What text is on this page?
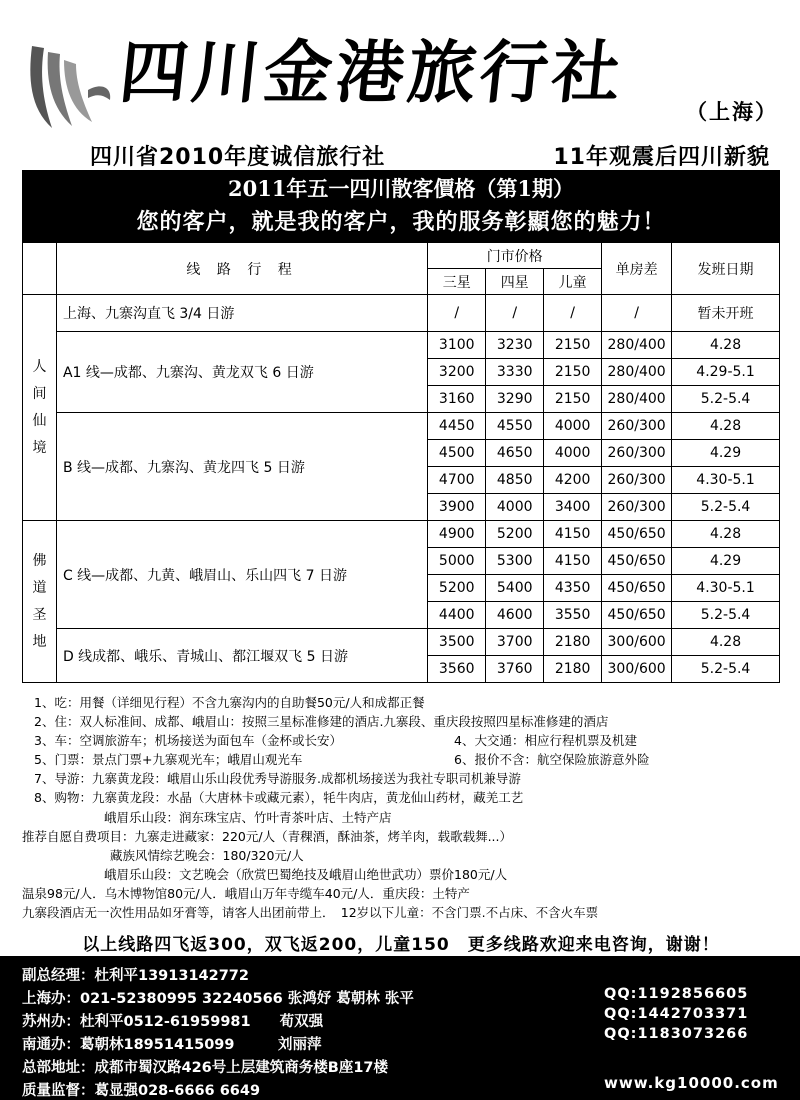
四川金港旅行社	（上海）
四川省2010年度诚信旅行社	11年观震后四川新貌
2011年五一四川散客價格（第1期）
您的客户，就是我的客户，我的服务彰顯您的魅力！
	线 路 行 程	门市价格			单房差	发班日期
		三星	四星	儿童		
人间仙境	上海、九寨沟直飞 3/4 日游	/	/	/	/	暂未开班
	A1 线—成都、九寨沟、黄龙双飞 6 日游	3100	3230	2150	280/400	4.28
		3200	3330	2150	280/400	4.29-5.1
		3160	3290	2150	280/400	5.2-5.4
	B 线—成都、九寨沟、黄龙四飞 5 日游	4450	4550	4000	260/300	4.28
		4500	4650	4000	260/300	4.29
		4700	4850	4200	260/300	4.30-5.1
		3900	4000	3400	260/300	5.2-5.4
佛道圣地	C 线—成都、九黄、峨眉山、乐山四飞 7 日游	4900	5200	4150	450/650	4.28
		5000	5300	4150	450/650	4.29
		5200	5400	4350	450/650	4.30-5.1
		4400	4600	3550	450/650	5.2-5.4
	D 线成都、峨乐、青城山、都江堰双飞 5 日游	3500	3700	2180	300/600	4.28
		3560	3760	2180	300/600	5.2-5.4
1、吃：用餐（详细见行程）不含九寨沟内的自助餐50元/人和成都正餐
2、住：双人标准间、成都、峨眉山：按照三星标准修建的酒店.九寨段、重庆段按照四星标准修建的酒店
3、车：空调旅游车；机场接送为面包车（金杯或长安）	4、大交通：相应行程机票及机建
5、门票：景点门票+九寨观光车；峨眉山观光车	6、报价不含：航空保险旅游意外险
7、导游：九寨黄龙段：峨眉山乐山段优秀导游服务.成都机场接送为我社专职司机兼导游
8、购物：九寨黄龙段：水晶（大唐林卡或藏元素），牦牛肉店，黄龙仙山药材，藏羌工艺
峨眉乐山段：润东珠宝店、竹叶青茶叶店、土特产店
推荐自愿自费项目：九寨走进藏家：220元/人（青稞酒，酥油茶，烤羊肉，载歌载舞...）
藏族风情综艺晚会：180/320元/人
峨眉乐山段：文艺晚会（欣赏巴蜀绝技及峨眉山绝世武功）票价180元/人
温泉98元/人．乌木博物馆80元/人．峨眉山万年寺缆车40元/人．重庆段：土特产
九寨段酒店无一次性用品如牙膏等，请客人出团前带上．　12岁以下儿童：不含门票.不占床、不含火车票
以上线路四飞返300，双飞返200，儿童150　更多线路欢迎来电咨询，谢谢！
副总经理：杜利平13913142772
上海办：021-52380995 32240566 张鸿妤 葛朝林 张平
苏州办：杜利平0512-61959981　　荀双强
南通办：葛朝林18951415099　　　刘丽萍
总部地址：成都市蜀汉路426号上层建筑商务楼B座17楼
质量监督：葛显强028-6666 6649
QQ:1192856605
QQ:1442703371
QQ:1183073266
www.kg10000.com
